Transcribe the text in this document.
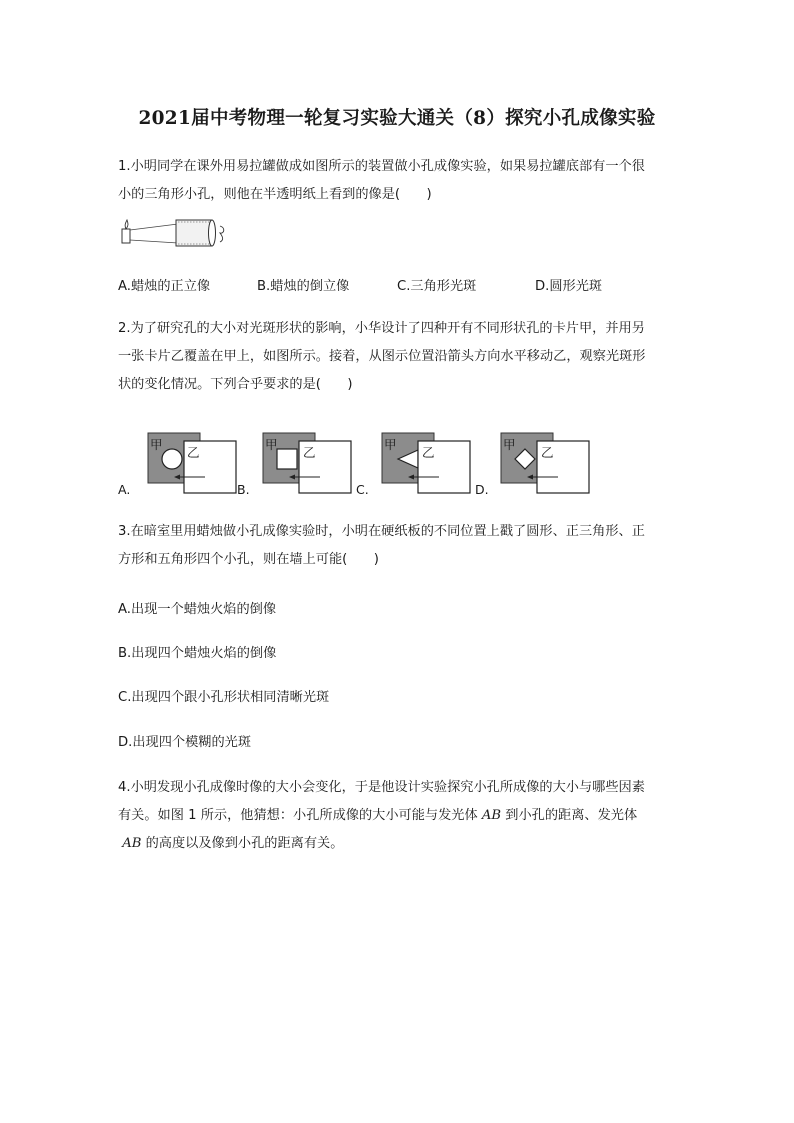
2021届中考物理一轮复习实验大通关（8）探究小孔成像实验
1.小明同学在课外用易拉罐做成如图所示的装置做小孔成像实验，如果易拉罐底部有一个很
小的三角形小孔，则他在半透明纸上看到的像是(　　)
A.蜡烛的正立像	B.蜡烛的倒立像	C.三角形光斑	D.圆形光斑
2.为了研究孔的大小对光斑形状的影响，小华设计了四种开有不同形状孔的卡片甲，并用另
一张卡片乙覆盖在甲上，如图所示。接着，从图示位置沿箭头方向水平移动乙，观察光斑形
状的变化情况。下列合乎要求的是(　　)
甲
乙
A.
甲
乙
B.
甲
乙
C.
甲
乙
D.
3.在暗室里用蜡烛做小孔成像实验时，小明在硬纸板的不同位置上戳了圆形、正三角形、正
方形和五角形四个小孔，则在墙上可能(　　)
A.出现一个蜡烛火焰的倒像
B.出现四个蜡烛火焰的倒像
C.出现四个跟小孔形状相同清晰光斑
D.出现四个模糊的光斑
4.小明发现小孔成像时像的大小会变化，于是他设计实验探究小孔所成像的大小与哪些因素
有关。如图 1 所示，他猜想：小孔所成像的大小可能与发光体 AB 到小孔的距离、发光体
AB 的高度以及像到小孔的距离有关。
